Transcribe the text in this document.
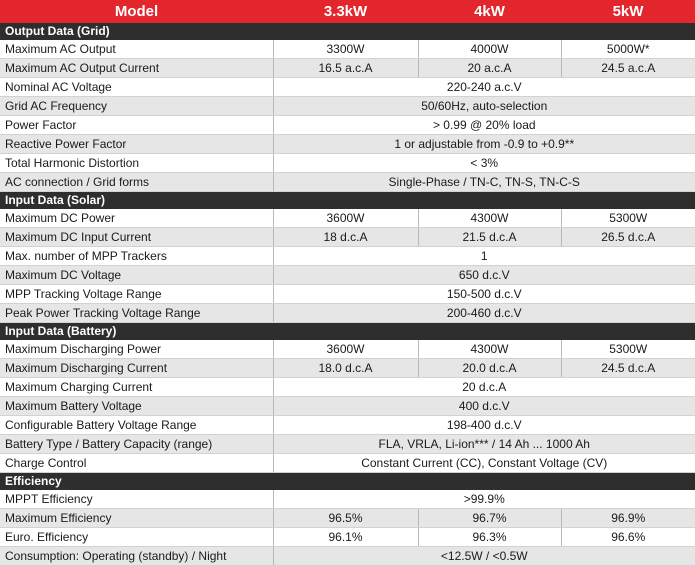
Model	3.3kW	4kW	5kW
Output Data (Grid)			
Maximum AC Output	3300W	4000W	5000W*
Maximum AC Output Current	16.5 a.c.A	20 a.c.A	24.5 a.c.A
Nominal AC Voltage	220-240 a.c.V		
Grid AC Frequency	50/60Hz, auto-selection		
Power Factor	> 0.99 @ 20% load		
Reactive Power Factor	1 or adjustable from -0.9 to +0.9**		
Total Harmonic Distortion	< 3%		
AC connection / Grid forms	Single-Phase / TN-C, TN-S, TN-C-S		
Input Data (Solar)			
Maximum DC Power	3600W	4300W	5300W
Maximum DC Input Current	18 d.c.A	21.5 d.c.A	26.5 d.c.A
Max. number of MPP Trackers	1		
Maximum DC Voltage	650 d.c.V		
MPP Tracking Voltage Range	150-500 d.c.V		
Peak Power Tracking Voltage Range	200-460 d.c.V		
Input Data (Battery)			
Maximum Discharging Power	3600W	4300W	5300W
Maximum Discharging Current	18.0 d.c.A	20.0 d.c.A	24.5 d.c.A
Maximum Charging Current	20 d.c.A		
Maximum Battery Voltage	400 d.c.V		
Configurable Battery Voltage Range	198-400 d.c.V		
Battery Type / Battery Capacity (range)	FLA, VRLA, Li-ion*** / 14 Ah ... 1000 Ah		
Charge Control	Constant Current (CC), Constant Voltage (CV)		
Efficiency			
MPPT Efficiency	>99.9%		
Maximum Efficiency	96.5%	96.7%	96.9%
Euro. Efficiency	96.1%	96.3%	96.6%
Consumption: Operating (standby) / Night	<12.5W / <0.5W		
